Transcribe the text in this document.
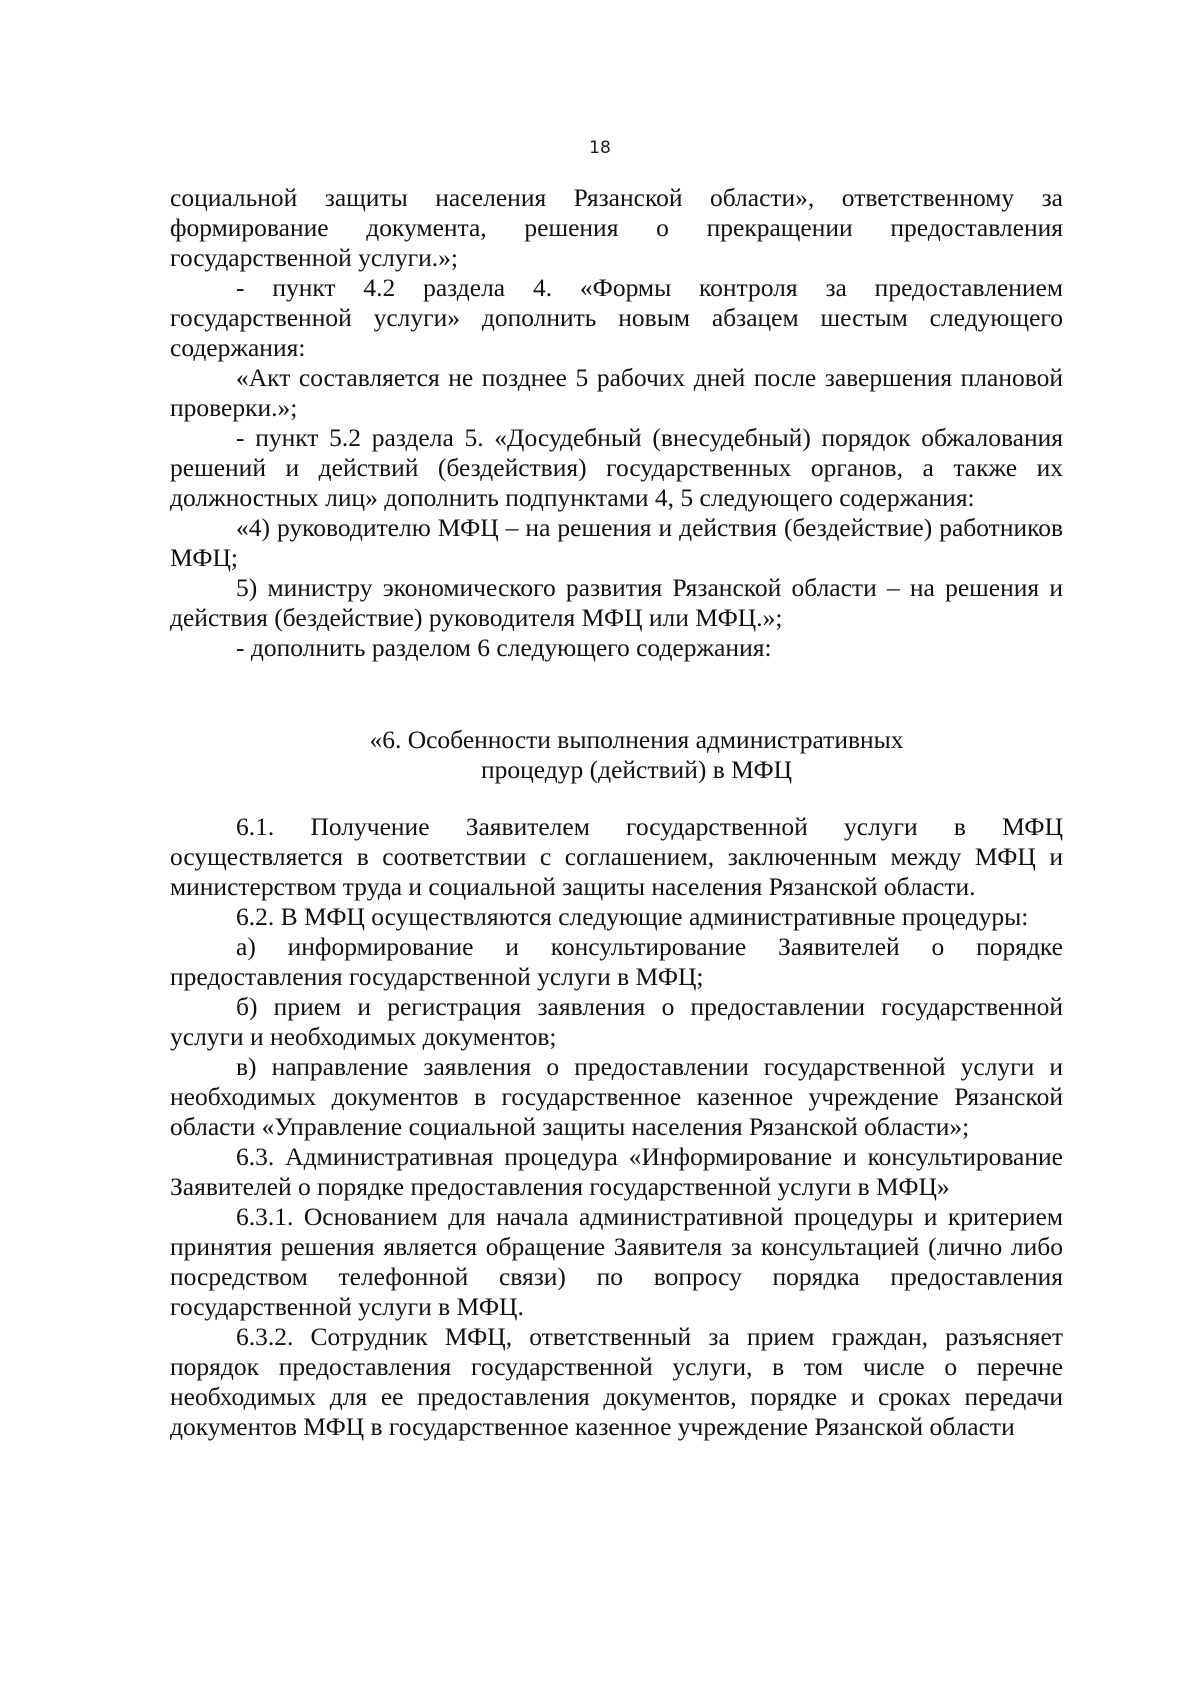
18

социальной защиты населения Рязанской области», ответственному за формирование документа, решения о прекращении предоставления государственной услуги.»;

- пункт 4.2 раздела 4. «Формы контроля за предоставлением государственной услуги» дополнить новым абзацем шестым следующего содержания:

«Акт составляется не позднее 5 рабочих дней после завершения плановой проверки.»;

- пункт 5.2 раздела 5. «Досудебный (внесудебный) порядок обжалования решений и действий (бездействия) государственных органов, а также их должностных лиц» дополнить подпунктами 4, 5 следующего содержания:

«4) руководителю МФЦ – на решения и действия (бездействие) работников МФЦ;

5) министру экономического развития Рязанской области – на решения и действия (бездействие) руководителя МФЦ или МФЦ.»;

- дополнить разделом 6 следующего содержания:

«6. Особенности выполнения административных
процедур (действий) в МФЦ

6.1. Получение Заявителем государственной услуги в МФЦ осуществляется в соответствии с соглашением, заключенным между МФЦ и министерством труда и социальной защиты населения Рязанской области.

6.2. В МФЦ осуществляются следующие административные процедуры:

а) информирование и консультирование Заявителей о порядке предоставления государственной услуги в МФЦ;

б) прием и регистрация заявления о предоставлении государственной услуги и необходимых документов;

в) направление заявления о предоставлении государственной услуги и необходимых документов в государственное казенное учреждение Рязанской области «Управление социальной защиты населения Рязанской области»;

6.3. Административная процедура «Информирование и консультирование Заявителей о порядке предоставления государственной услуги в МФЦ»

6.3.1. Основанием для начала административной процедуры и критерием принятия решения является обращение Заявителя за консультацией (лично либо посредством телефонной связи) по вопросу порядка предоставления государственной услуги в МФЦ.

6.3.2. Сотрудник МФЦ, ответственный за прием граждан, разъясняет порядок предоставления государственной услуги, в том числе о перечне необходимых для ее предоставления документов, порядке и сроках передачи документов МФЦ в государственное казенное учреждение Рязанской области
